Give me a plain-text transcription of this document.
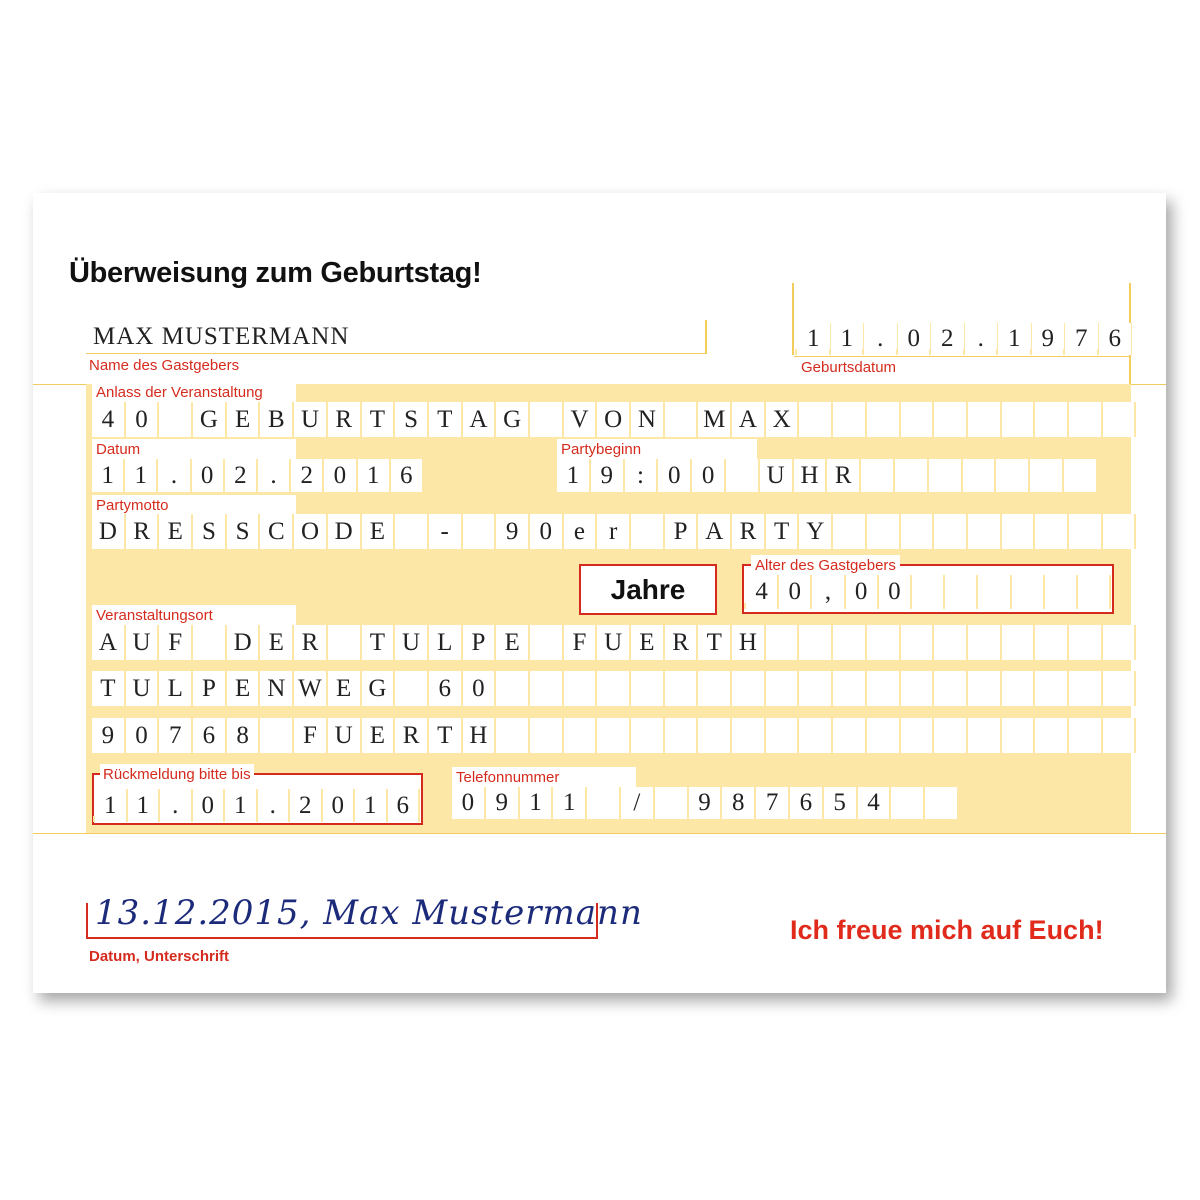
Überweisung zum Geburtstag!
MAX MUSTERMANN
Name des Gastgebers
1 1 . 0 2 . 1 9 7 6
Geburtsdatum
Anlass der Veranstaltung
4 0	G E B U R T S T A G	V O N	M A X
Datum
1 1 . 0 2 . 2 0 1 6
Partybeginn
1 9 : 0 0	U H R
Partymotto
D R E S S C O D E	-	9 0 e r	P A R T Y
Jahre
Alter des Gastgebers
4 0 , 0 0
Veranstaltungsort
A U F	D E R	T U L P E	F U E R T H
T U L P E N W E G	6 0
9 0 7 6 8	F U E R T H
Rückmeldung bitte bis
1 1 . 0 1 . 2 0 1 6
Telefonnummer
0 9 1 1	/	9 8 7 6 5 4
13.12.2015, Max Mustermann
Datum, Unterschrift
Ich freue mich auf Euch!
